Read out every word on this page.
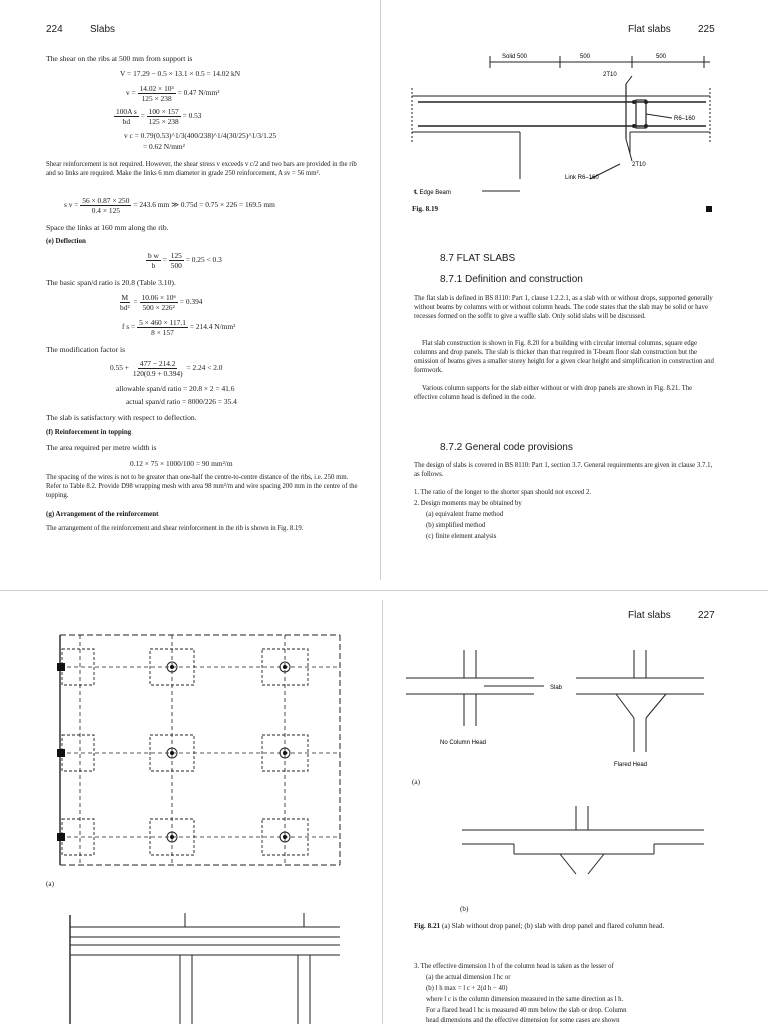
224	Slabs
The shear on the ribs at 500 mm from support is
V = 17.29 − 0.5 × 13.1 × 0.5 = 14.02 kN
$v = \frac{\text{14.02 × 10³}}{125 \times 238} = 0.47$ N/mm²
$\frac{\text{100A s}}{bd} = \frac{100 \times 157}{125 \times 238} = 0.53$
v c = 0.79(0.53)^1/3(400/238)^1/4(30/25)^1/3/1.25
= 0.62 N/mm²
Shear reinforcement is not required. However, the shear stress v exceeds v c/2 and two bars are provided in the rib and so links are required. Make the links 6 mm diameter in grade 250 reinforcement, A sv = 56 mm².
s $v = \frac{56 \times 0.87 \times 250}{0.4 \times 125} = 243.6$ mm ≫ 0.75d = 0.75 × 226 = 169.5 mm
Space the links at 160 mm along the rib.
(e) Deflection
$\frac{\text{b w}}{b} = \frac{125}{500} = 0.25 < 0.3$
The basic span/d ratio is 20.8 (Table 3.10).
$\frac{M}{\text{bd²}} = \frac{\text{10.06 × 10⁶}}{\text{500 × 226²}} = 0.394$
f $s = \frac{5 \times 460 \times 117.1}{8 \times 157} = 214.4$ N/mm²
The modification factor is
$0.55 + \frac{477 - 214.2}{120(0.9 + 0.394)} = 2.24 < 2.0$
allowable span/d ratio = 20.8 × 2 = 41.6
actual span/d ratio = 8000/226 = 35.4
The slab is satisfactory with respect to deflection.
(f) Reinforcement in topping
The area required per metre width is
0.12 × 75 × 1000/100 = 90 mm²/m
The spacing of the wires is not to be greater than one-half the centre-to-centre distance of the ribs, i.e. 250 mm. Refer to Table 8.2. Provide D98 wrapping mesh with area 98 mm²/m and wire spacing 200 mm in the centre of the topping.
(g) Arrangement of the reinforcement
The arrangement of the reinforcement and shear reinforcement in the rib is shown in Fig. 8.19.
Flat slabs	225
Solid 500	500	500
2T10
R6–160
2T10
Link R6–160
℄ Edge Beam
Fig. 8.19
8.7 FLAT SLABS
8.7.1 Definition and construction
The flat slab is defined in BS 8110: Part 1, clause 1.2.2.1, as a slab with or without drops, supported generally without beams by columns with or without column heads. The code states that the slab may be solid or have recesses formed on the soffit to give a waffle slab. Only solid slabs will be discussed.
Flat slab construction is shown in Fig. 8.20 for a building with circular internal columns, square edge columns and drop panels. The slab is thicker than that required in T-beam floor slab construction but the omission of beams gives a smaller storey height for a given clear height and simplification in construction and formwork.
Various column supports for the slab either without or with drop panels are shown in Fig. 8.21. The effective column head is defined in the code.
8.7.2 General code provisions
The design of slabs is covered in BS 8110: Part 1, section 3.7. General requirements are given in clause 3.7.1, as follows.
1. The ratio of the longer to the shorter span should not exceed 2.
2. Design moments may be obtained by
(a) equivalent frame method
(b) simplified method
(c) finite element analysis
(a)
Flat slabs	227
Slab
No Column Head
Flared Head
(a)
(b)
Fig. 8.21 (a) Slab without drop panel; (b) slab with drop panel and flared column head.
3. The effective dimension l h of the column head is taken as the lesser of
(a) the actual dimension l hc or
(b) l h max = l c + 2(d h − 40)
where l c is the column dimension measured in the same direction as l h.
For a flared head l hc is measured 40 mm below the slab or drop. Column
head dimensions and the effective dimension for some cases are shown
